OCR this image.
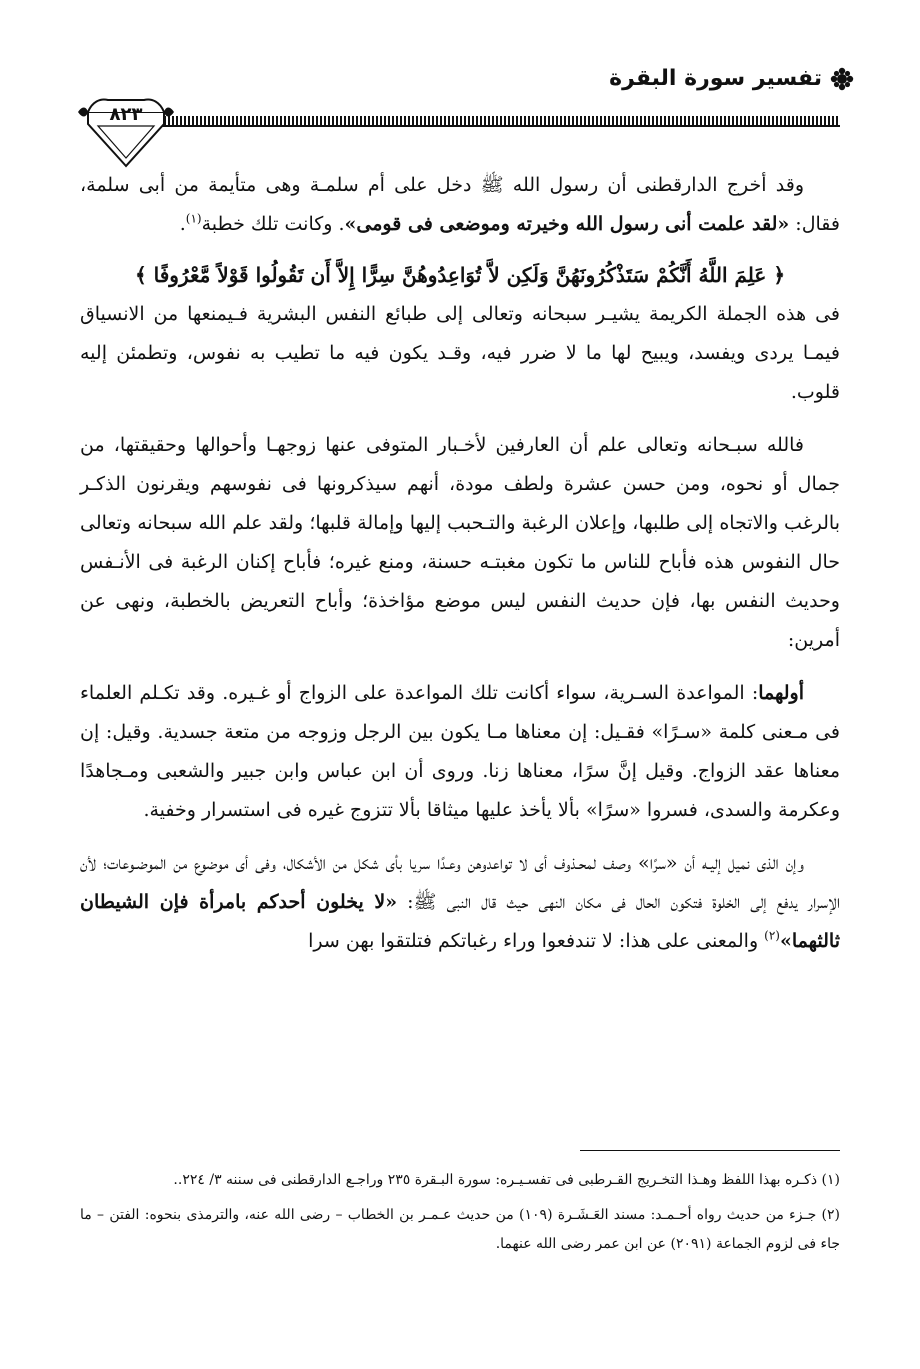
تفسير سورة البقرة
٨٢٣

وقد أخرج الدارقطنى أن رسول الله ﷺ دخل على أم سلمـة وهى متأيمة من أبى سلمة، فقال: «لقد علمت أنى رسول الله وخيرته وموضعى فى قومى». وكانت تلك خطبة$^{(١)}$.

﴿ عَلِمَ اللَّهُ أَنَّكُمْ سَتَذْكُرُونَهُنَّ وَلَكِن لاَّ تُوَاعِدُوهُنَّ سِرًّا إِلاَّ أَن تَقُولُوا قَوْلاً مَّعْرُوفًا ﴾

فى هذه الجملة الكريمة يشيـر سبحانه وتعالى إلى طبائع النفس البشرية فـيمنعها من الانسياق فيمـا يردى ويفسد، ويبيح لها ما لا ضرر فيه، وقـد يكون فيه ما تطيب به نفوس، وتطمئن إليه قلوب.

فالله سبـحانه وتعالى علم أن العارفين لأخـبار المتوفى عنها زوجهـا وأحوالها وحقيقتها، من جمال أو نحوه، ومن حسن عشرة ولطف مودة، أنهم سيذكرونها فى نفوسهم ويقرنون الذكـر بالرغب والاتجاه إلى طلبها، وإعلان الرغبة والتـحبب إليها وإمالة قلبها؛ ولقد علم الله سبحانه وتعالى حال النفوس هذه فأباح للناس ما تكون مغبتـه حسنة، ومنع غيره؛ فأباح إكنان الرغبة فى الأنـفس وحديث النفس بها، فإن حديث النفس ليس موضع مؤاخذة؛ وأباح التعريض بالخطبة، ونهى عن أمرين:

أولهما: المواعدة السـرية، سواء أكانت تلك المواعدة على الزواج أو غـيره. وقد تكـلم العلماء فى مـعنى كلمة «سـرًا» فقـيل: إن معناها مـا يكون بين الرجل وزوجه من متعة جسدية. وقيل: إن معناها عقد الزواج. وقيل إنَّ سرًا، معناها زنا. وروى أن ابن عباس وابن جبير والشعبى ومـجاهدًا وعكرمة والسدى، فسروا «سرًا» بألا يأخذ عليها ميثاقا بألا تتزوج غيره فى استسرار وخفية.

وإن الذى نميل إليـه أن «سرًا» وصف لمحـذوف أى لا تواعدوهن وعـدًا سريا بأى شكل من الأشكال، وفى أى موضوع من الموضـوعات؛ لأن الإسرار يدفع إلى الخلوة فتكون الحال فى مكان النهى حيث قال النبى ﷺ: «لا يخلون أحدكم بامرأة فإن الشيطان ثالثهما»$^{(٢)}$ والمعنى على هذا: لا تندفعوا وراء رغباتكم فتلتقوا بهن سرا

(١) ذكـره بهذا اللفظ وهـذا التخـريج القـرطبى فى تفسـيـره: سورة البـقرة ٢٣٥ وراجـع الدارقطنى فى سننه ٣/ ٢٢٤..

(٢) جـزء من حديث رواه أحـمـد: مسند العَـشَـرة (١٠٩) من حديث عـمـر بن الخطاب – رضى الله عنه، والترمذى بنحوه: الفتن – ما جاء فى لزوم الجماعة (٢٠٩١) عن ابن عمر رضى الله عنهما.
